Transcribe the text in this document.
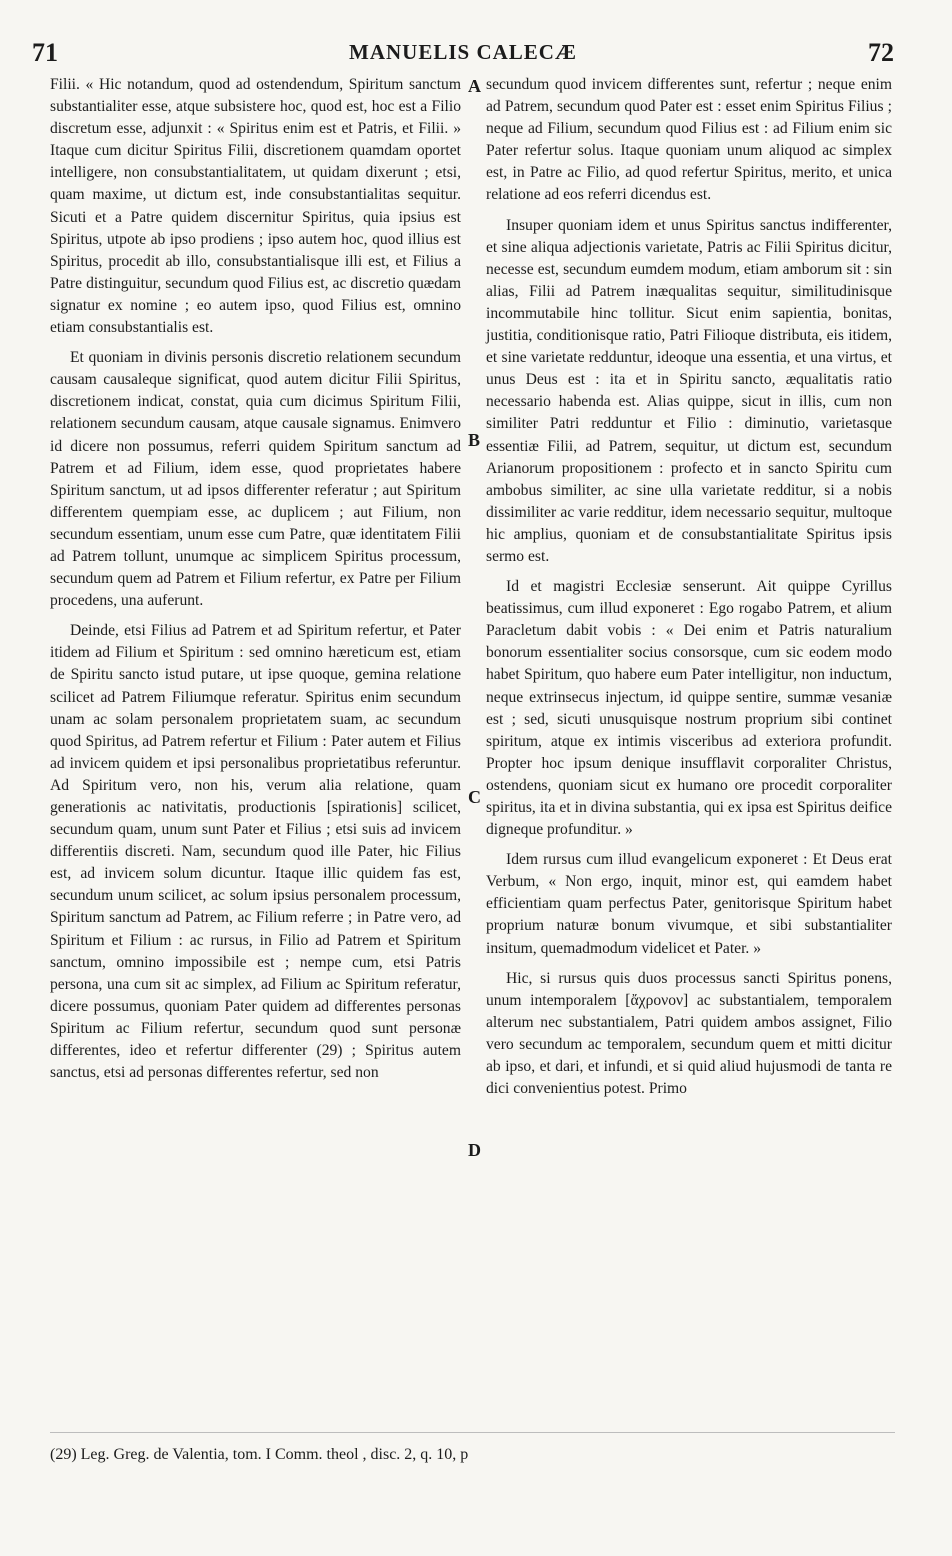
71	MANUELIS CALECÆ	72

Filii. « Hic notandum, quod ad ostendendum, Spiritum sanctum substantialiter esse, atque subsistere hoc, quod est, hoc est a Filio discretum esse, adjunxit : « Spiritus enim est et Patris, et Filii. » Itaque cum dicitur Spiritus Filii, discretionem quamdam oportet intelligere, non consubstantialitatem, ut quidam dixerunt ; etsi, quam maxime, ut dictum est, inde consubstantialitas sequitur. Sicuti et a Patre quidem discernitur Spiritus, quia ipsius est Spiritus, utpote ab ipso prodiens ; ipso autem hoc, quod illius est Spiritus, procedit ab illo, consubstantialisque illi est, et Filius a Patre distinguitur, secundum quod Filius est, ac discretio quædam signatur ex nomine ; eo autem ipso, quod Filius est, omnino etiam consubstantialis est.

Et quoniam in divinis personis discretio relationem secundum causam causaleque significat, quod autem dicitur Filii Spiritus, discretionem indicat, constat, quia cum dicimus Spiritum Filii, relationem secundum causam, atque causale signamus. Enimvero id dicere non possumus, referri quidem Spiritum sanctum ad Patrem et ad Filium, idem esse, quod proprietates habere Spiritum sanctum, ut ad ipsos differenter referatur ; aut Spiritum differentem quempiam esse, ac duplicem ; aut Filium, non secundum essentiam, unum esse cum Patre, quæ identitatem Filii ad Patrem tollunt, unumque ac simplicem Spiritus processum, secundum quem ad Patrem et Filium refertur, ex Patre per Filium procedens, una auferunt.

Deinde, etsi Filius ad Patrem et ad Spiritum refertur, et Pater itidem ad Filium et Spiritum : sed omnino hæreticum est, etiam de Spiritu sancto istud putare, ut ipse quoque, gemina relatione scilicet ad Patrem Filiumque referatur. Spiritus enim secundum unam ac solam personalem proprietatem suam, ac secundum quod Spiritus, ad Patrem refertur et Filium : Pater autem et Filius ad invicem quidem et ipsi personalibus proprietatibus referuntur. Ad Spiritum vero, non his, verum alia relatione, quam generationis ac nativitatis, productionis [spirationis] scilicet, secundum quam, unum sunt Pater et Filius ; etsi suis ad invicem differentiis discreti. Nam, secundum quod ille Pater, hic Filius est, ad invicem solum dicuntur. Itaque illic quidem fas est, secundum unum scilicet, ac solum ipsius personalem processum, Spiritum sanctum ad Patrem, ac Filium referre ; in Patre vero, ad Spiritum et Filium : ac rursus, in Filio ad Patrem et Spiritum sanctum, omnino impossibile est ; nempe cum, etsi Patris persona, una cum sit ac simplex, ad Filium ac Spiritum referatur, dicere possumus, quoniam Pater quidem ad differentes personas Spiritum ac Filium refertur, secundum quod sunt personæ differentes, ideo et refertur differenter (29) ; Spiritus autem sanctus, etsi ad personas differentes refertur, sed non

A
B
C
D

secundum quod invicem differentes sunt, refertur ; neque enim ad Patrem, secundum quod Pater est : esset enim Spiritus Filius ; neque ad Filium, secundum quod Filius est : ad Filium enim sic Pater refertur solus. Itaque quoniam unum aliquod ac simplex est, in Patre ac Filio, ad quod refertur Spiritus, merito, et unica relatione ad eos referri dicendus est.

Insuper quoniam idem et unus Spiritus sanctus indifferenter, et sine aliqua adjectionis varietate, Patris ac Filii Spiritus dicitur, necesse est, secundum eumdem modum, etiam amborum sit : sin alias, Filii ad Patrem inæqualitas sequitur, similitudinisque incommutabile hinc tollitur. Sicut enim sapientia, bonitas, justitia, conditionisque ratio, Patri Filioque distributa, eis itidem, et sine varietate redduntur, ideoque una essentia, et una virtus, et unus Deus est : ita et in Spiritu sancto, æqualitatis ratio necessario habenda est. Alias quippe, sicut in illis, cum non similiter Patri redduntur et Filio : diminutio, varietasque essentiæ Filii, ad Patrem, sequitur, ut dictum est, secundum Arianorum propositionem : profecto et in sancto Spiritu cum ambobus similiter, ac sine ulla varietate redditur, si a nobis dissimiliter ac varie redditur, idem necessario sequitur, multoque hic amplius, quoniam et de consubstantialitate Spiritus ipsis sermo est.

Id et magistri Ecclesiæ senserunt. Ait quippe Cyrillus beatissimus, cum illud exponeret : Ego rogabo Patrem, et alium Paracletum dabit vobis : « Dei enim et Patris naturalium bonorum essentialiter socius consorsque, cum sic eodem modo habet Spiritum, quo habere eum Pater intelligitur, non inductum, neque extrinsecus injectum, id quippe sentire, summæ vesaniæ est ; sed, sicuti unusquisque nostrum proprium sibi continet spiritum, atque ex intimis visceribus ad exteriora profundit. Propter hoc ipsum denique insufflavit corporaliter Christus, ostendens, quoniam sicut ex humano ore procedit corporaliter spiritus, ita et in divina substantia, qui ex ipsa est Spiritus deifice digneque profunditur. »

Idem rursus cum illud evangelicum exponeret : Et Deus erat Verbum, « Non ergo, inquit, minor est, qui eamdem habet efficientiam quam perfectus Pater, genitorisque Spiritum habet proprium naturæ bonum vivumque, et sibi substantialiter insitum, quemadmodum videlicet et Pater. »

Hic, si rursus quis duos processus sancti Spiritus ponens, unum intemporalem [ἄχρονον] ac substantialem, temporalem alterum nec substantialem, Patri quidem ambos assignet, Filio vero secundum ac temporalem, secundum quem et mitti dicitur ab ipso, et dari, et infundi, et si quid aliud hujusmodi de tanta re dici convenientius potest. Primo

(29) Leg. Greg. de Valentia, tom. I Comm. theol , disc. 2, q. 10, p
